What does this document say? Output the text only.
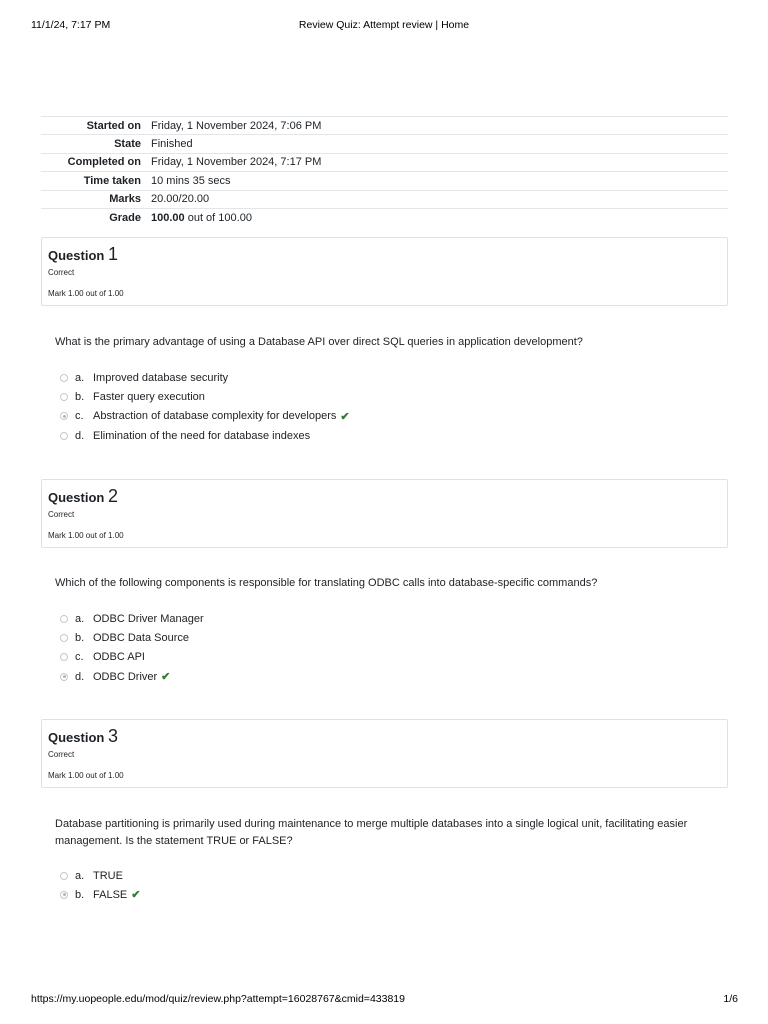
11/1/24, 7:17 PM	Review Quiz: Attempt review | Home
Started on	Friday, 1 November 2024, 7:06 PM
State	Finished
Completed on	Friday, 1 November 2024, 7:17 PM
Time taken	10 mins 35 secs
Marks	20.00/20.00
Grade	100.00 out of 100.00
Question 1
Correct
Mark 1.00 out of 1.00
What is the primary advantage of using a Database API over direct SQL queries in application development?
a. Improved database security
b. Faster query execution
c. Abstraction of database complexity for developers ✔
d. Elimination of the need for database indexes
Question 2
Correct
Mark 1.00 out of 1.00
Which of the following components is responsible for translating ODBC calls into database-specific commands?
a. ODBC Driver Manager
b. ODBC Data Source
c. ODBC API
d. ODBC Driver ✔
Question 3
Correct
Mark 1.00 out of 1.00
Database partitioning is primarily used during maintenance to merge multiple databases into a single logical unit, facilitating easier management. Is the statement TRUE or FALSE?
a. TRUE
b. FALSE ✔
https://my.uopeople.edu/mod/quiz/review.php?attempt=16028767&cmid=433819	1/6
